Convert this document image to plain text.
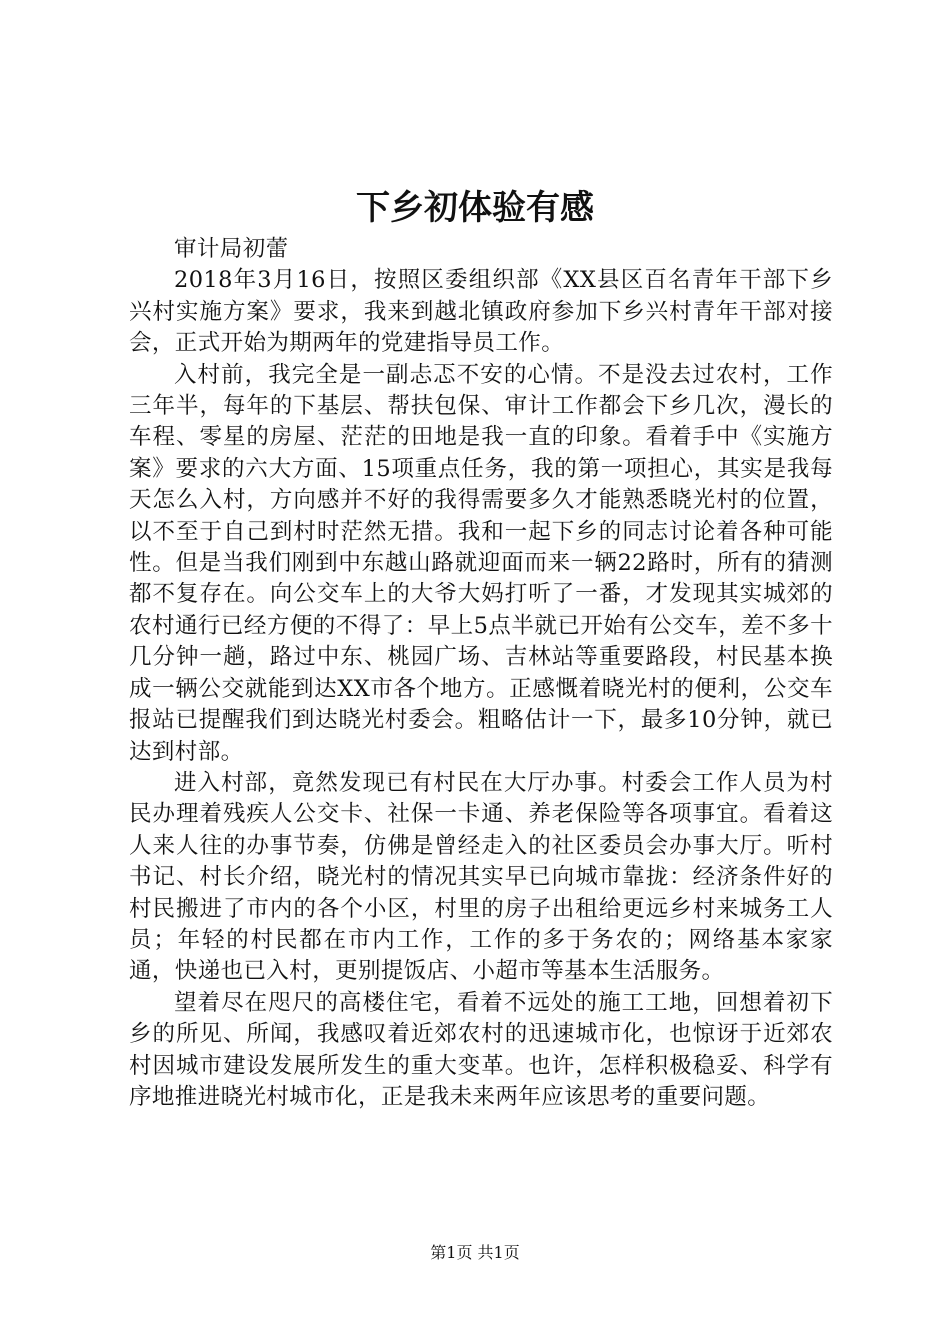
下乡初体验有感

审计局初蕾

2018年3月16日，按照区委组织部《XX县区百名青年干部下乡兴村实施方案》要求，我来到越北镇政府参加下乡兴村青年干部对接会，正式开始为期两年的党建指导员工作。

入村前，我完全是一副忐忑不安的心情。不是没去过农村，工作三年半，每年的下基层、帮扶包保、审计工作都会下乡几次，漫长的车程、零星的房屋、茫茫的田地是我一直的印象。看着手中《实施方案》要求的六大方面、15项重点任务，我的第一项担心，其实是我每天怎么入村，方向感并不好的我得需要多久才能熟悉晓光村的位置，以不至于自己到村时茫然无措。我和一起下乡的同志讨论着各种可能性。但是当我们刚到中东越山路就迎面而来一辆22路时，所有的猜测都不复存在。向公交车上的大爷大妈打听了一番，才发现其实城郊的农村通行已经方便的不得了：早上5点半就已开始有公交车，差不多十几分钟一趟，路过中东、桃园广场、吉林站等重要路段，村民基本换成一辆公交就能到达XX市各个地方。正感慨着晓光村的便利，公交车报站已提醒我们到达晓光村委会。粗略估计一下，最多10分钟，就已达到村部。

进入村部，竟然发现已有村民在大厅办事。村委会工作人员为村民办理着残疾人公交卡、社保一卡通、养老保险等各项事宜。看着这人来人往的办事节奏，仿佛是曾经走入的社区委员会办事大厅。听村书记、村长介绍，晓光村的情况其实早已向城市靠拢：经济条件好的村民搬进了市内的各个小区，村里的房子出租给更远乡村来城务工人员；年轻的村民都在市内工作，工作的多于务农的；网络基本家家通，快递也已入村，更别提饭店、小超市等基本生活服务。

望着尽在咫尺的高楼住宅，看着不远处的施工工地，回想着初下乡的所见、所闻，我感叹着近郊农村的迅速城市化，也惊讶于近郊农村因城市建设发展所发生的重大变革。也许，怎样积极稳妥、科学有序地推进晓光村城市化，正是我未来两年应该思考的重要问题。

第1页 共1页
